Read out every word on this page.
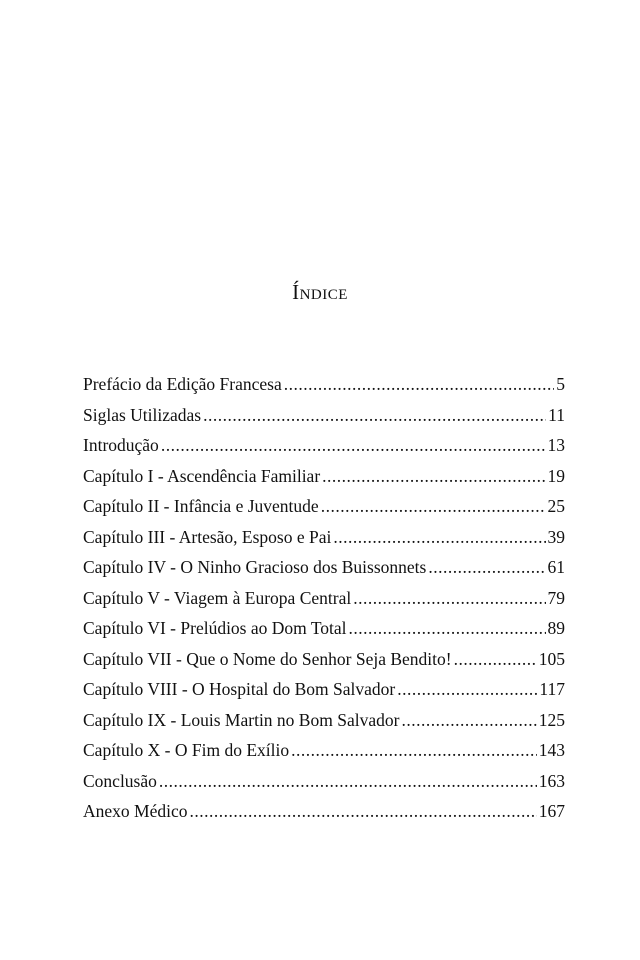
Índice
Prefácio da Edição Francesa .....	5
Siglas Utilizadas .....	11
Introdução .....	13
Capítulo I - Ascendência Familiar .....	19
Capítulo II - Infância e Juventude .....	25
Capítulo III - Artesão, Esposo e Pai .....	39
Capítulo IV - O Ninho Gracioso dos Buissonnets .....	61
Capítulo V - Viagem à Europa Central .....	79
Capítulo VI - Prelúdios ao Dom Total .....	89
Capítulo VII - Que o Nome do Senhor Seja Bendito! .....	105
Capítulo VIII - O Hospital do Bom Salvador .....	117
Capítulo IX - Louis Martin no Bom Salvador .....	125
Capítulo X - O Fim do Exílio .....	143
Conclusão .....	163
Anexo Médico .....	167
